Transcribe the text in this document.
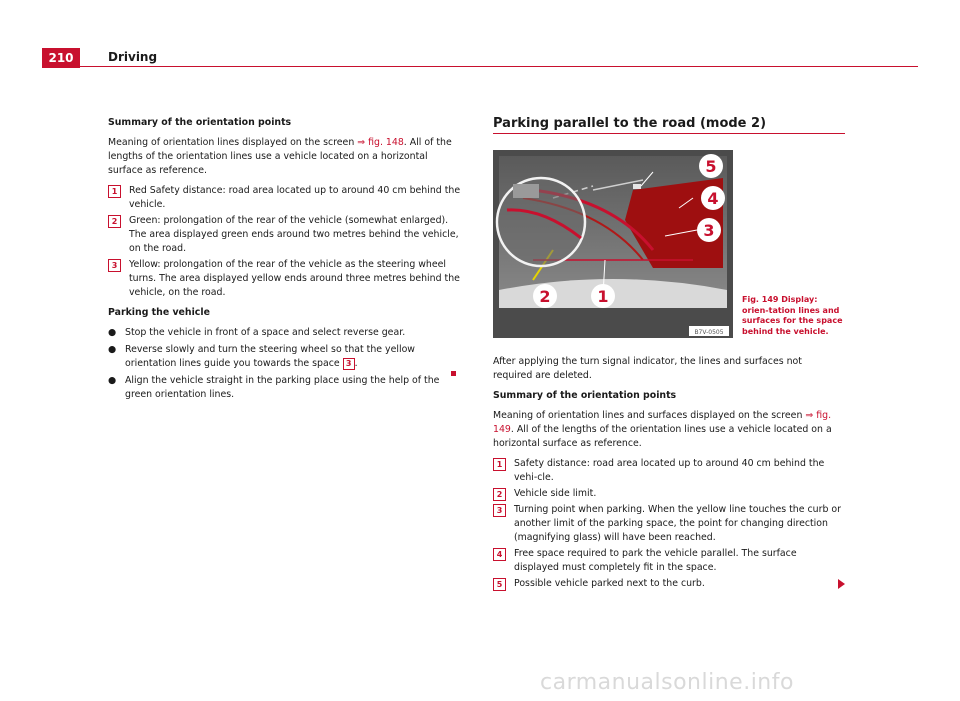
210	Driving

Summary of the orientation points

Meaning of orientation lines displayed on the screen ⇒ fig. 148. All of the lengths of the orientation lines use a vehicle located on a horizontal surface as reference.

1	Red Safety distance: road area located up to around 40 cm behind the vehicle.
2	Green: prolongation of the rear of the vehicle (somewhat enlarged). The area displayed green ends around two metres behind the vehicle, on the road.
3	Yellow: prolongation of the rear of the vehicle as the steering wheel turns. The area displayed yellow ends around three metres behind the vehicle, on the road.

Parking the vehicle

● Stop the vehicle in front of a space and select reverse gear.
● Reverse slowly and turn the steering wheel so that the yellow orientation lines guide you towards the space 3 .
● Align the vehicle straight in the parking place using the help of the green orientation lines.
Parking parallel to the road (mode 2)
1
2
3
4
5
B7V-0505
Fig. 149 Display: orien-tation lines and surfaces for the space behind the vehicle.

After applying the turn signal indicator, the lines and surfaces not required are deleted.

Summary of the orientation points

Meaning of orientation lines and surfaces displayed on the screen ⇒ fig. 149. All of the lengths of the orientation lines use a vehicle located on a horizontal surface as reference.

1	Safety distance: road area located up to around 40 cm behind the vehi-cle.
2	Vehicle side limit.
3	Turning point when parking. When the yellow line touches the curb or another limit of the parking space, the point for changing direction (magnifying glass) will have been reached.
4	Free space required to park the vehicle parallel. The surface displayed must completely fit in the space.
5	Possible vehicle parked next to the curb.
carmanualsonline.info
